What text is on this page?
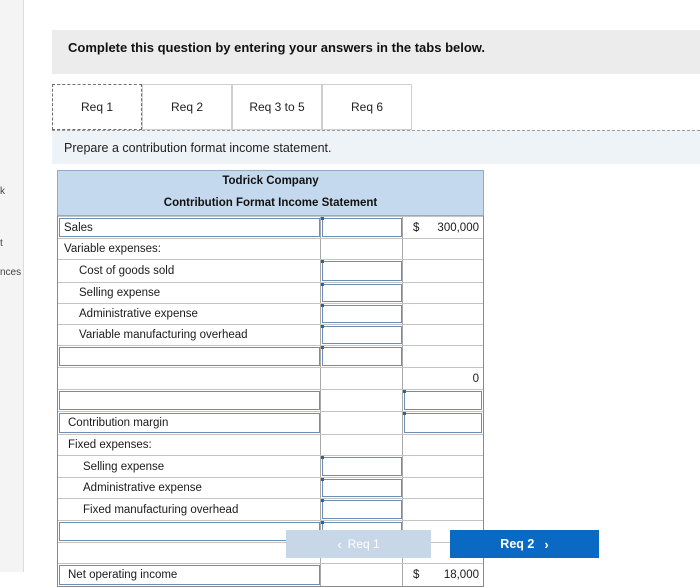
k
t
nces
Complete this question by entering your answers in the tabs below.
Req 1	Req 2	Req 3 to 5	Req 6
Prepare a contribution format income statement.
Todrick Company
Contribution Format Income Statement
Sales	$ 300,000
Variable expenses:
Cost of goods sold
Selling expense
Administrative expense
Variable manufacturing overhead
0
Contribution margin
Fixed expenses:
Selling expense
Administrative expense
Fixed manufacturing overhead
Net operating income	$ 18,000
‹ Req 1	Req 2 ›
